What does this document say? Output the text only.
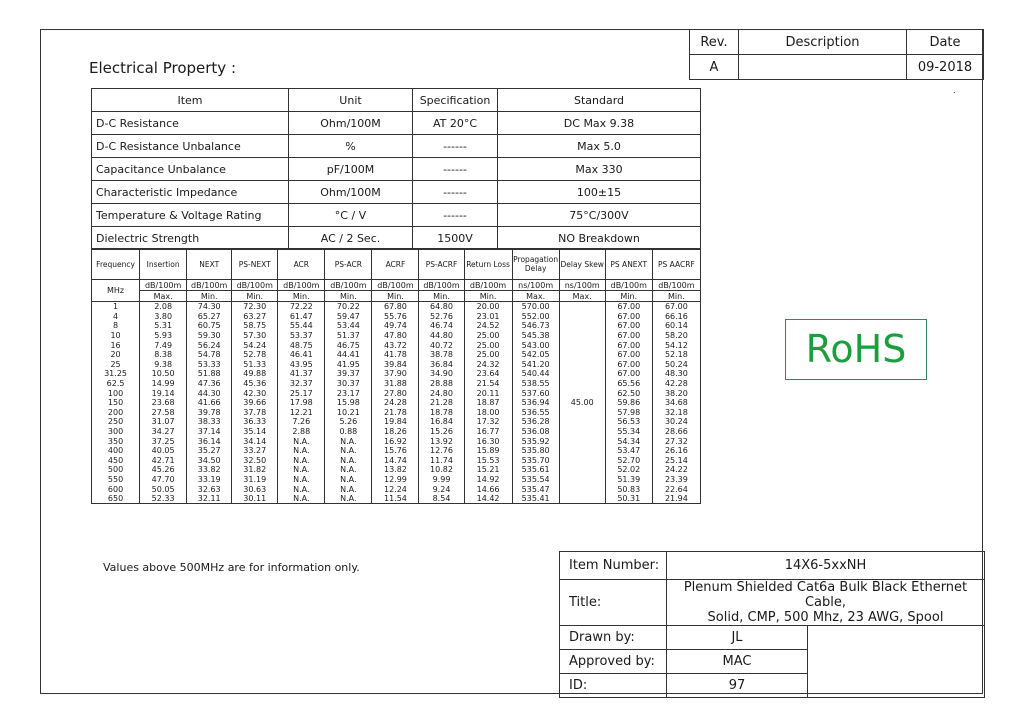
Rev.	Description	Date
A		09-2018
Electrical Property :
.
Item	Unit	Specification	Standard
D-C Resistance	Ohm/100M	AT 20°C	DC Max 9.38
D-C Resistance Unbalance	%	------	Max 5.0
Capacitance Unbalance	pF/100M	------	Max 330
Characteristic Impedance	Ohm/100M	------	100±15
Temperature & Voltage Rating	°C / V	------	75°C/300V
Dielectric Strength	AC / 2 Sec.	1500V	NO Breakdown
Frequency	Insertion	NEXT	PS-NEXT	ACR	PS-ACR	ACRF	PS-ACRF	Return Loss	Propagation Delay	Delay Skew	PS ANEXT	PS AACRF
MHz	dB/100m	dB/100m	dB/100m	dB/100m	dB/100m	dB/100m	dB/100m	dB/100m	ns/100m	ns/100m	dB/100m	dB/100m
	Max.	Min.	Min.	Min.	Min.	Min.	Min.	Min.	Max.	Max.	Min.	Min.
1	2.08	74.30	72.30	72.22	70.22	67.80	64.80	20.00	570.00	45.00	67.00	67.00
4	3.80	65.27	63.27	61.47	59.47	55.76	52.76	23.01	552.00		67.00	66.16
8	5.31	60.75	58.75	55.44	53.44	49.74	46.74	24.52	546.73		67.00	60.14
10	5.93	59.30	57.30	53.37	51.37	47.80	44.80	25.00	545.38		67.00	58.20
16	7.49	56.24	54.24	48.75	46.75	43.72	40.72	25.00	543.00		67.00	54.12
20	8.38	54.78	52.78	46.41	44.41	41.78	38.78	25.00	542.05		67.00	52.18
25	9.38	53.33	51.33	43.95	41.95	39.84	36.84	24.32	541.20		67.00	50.24
31.25	10.50	51.88	49.88	41.37	39.37	37.90	34.90	23.64	540.44		67.00	48.30
62.5	14.99	47.36	45.36	32.37	30.37	31.88	28.88	21.54	538.55		65.56	42.28
100	19.14	44.30	42.30	25.17	23.17	27.80	24.80	20.11	537.60		62.50	38.20
150	23.68	41.66	39.66	17.98	15.98	24.28	21.28	18.87	536.94		59.86	34.68
200	27.58	39.78	37.78	12.21	10.21	21.78	18.78	18.00	536.55		57.98	32.18
250	31.07	38.33	36.33	7.26	5.26	19.84	16.84	17.32	536.28		56.53	30.24
300	34.27	37.14	35.14	2.88	0.88	18.26	15.26	16.77	536.08		55.34	28.66
350	37.25	36.14	34.14	N.A.	N.A.	16.92	13.92	16.30	535.92		54.34	27.32
400	40.05	35.27	33.27	N.A.	N.A.	15.76	12.76	15.89	535.80		53.47	26.16
450	42.71	34.50	32.50	N.A.	N.A.	14.74	11.74	15.53	535.70		52.70	25.14
500	45.26	33.82	31.82	N.A.	N.A.	13.82	10.82	15.21	535.61		52.02	24.22
550	47.70	33.19	31.19	N.A.	N.A.	12.99	9.99	14.92	535.54		51.39	23.39
600	50.05	32.63	30.63	N.A.	N.A.	12.24	9.24	14.66	535.47		50.83	22.64
650	52.33	32.11	30.11	N.A.	N.A.	11.54	8.54	14.42	535.41		50.31	21.94
RoHS
Values above 500MHz are for information only.	Item Number:	14X6-5xxNH	
Title:	Plenum Shielded Cat6a Bulk Black Ethernet Cable,
Solid, CMP, 500 Mhz, 23 AWG, Spool	

Drawn by:	JL	
Approved by:	MAC	
ID:	97	
